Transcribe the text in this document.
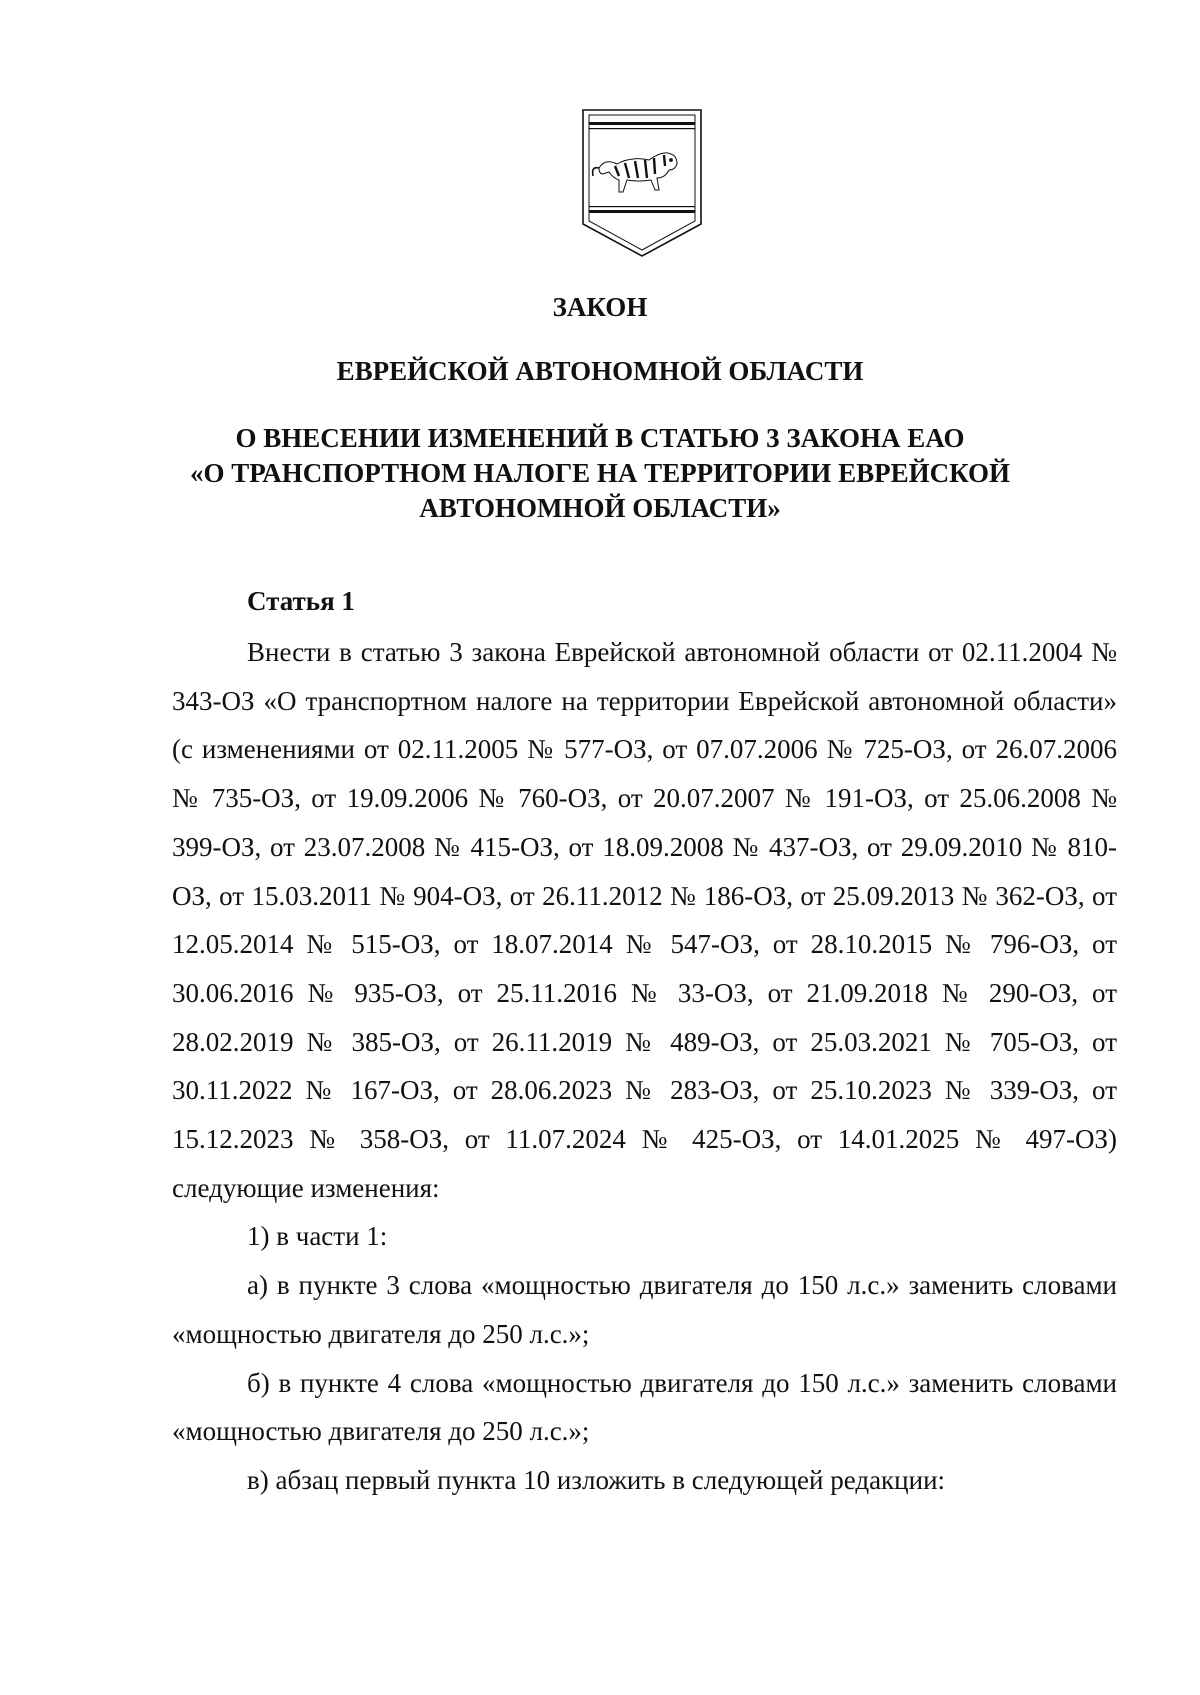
ЗАКОН
ЕВРЕЙСКОЙ АВТОНОМНОЙ ОБЛАСТИ
О ВНЕСЕНИИ ИЗМЕНЕНИЙ В СТАТЬЮ 3 ЗАКОНА ЕАО
«О ТРАНСПОРТНОМ НАЛОГЕ НА ТЕРРИТОРИИ ЕВРЕЙСКОЙ
АВТОНОМНОЙ ОБЛАСТИ»
Статья 1

Внести в статью 3 закона Еврейской автономной области от 02.11.2004 № 343-ОЗ «О транспортном налоге на территории Еврейской автономной области» (с изменениями от 02.11.2005 № 577-ОЗ, от 07.07.2006 № 725-ОЗ, от 26.07.2006 № 735-ОЗ, от 19.09.2006 № 760-ОЗ, от 20.07.2007 № 191-ОЗ, от 25.06.2008 № 399-ОЗ, от 23.07.2008 № 415-ОЗ, от 18.09.2008 № 437-ОЗ, от 29.09.2010 № 810-ОЗ, от 15.03.2011 № 904-ОЗ, от 26.11.2012 № 186-ОЗ, от 25.09.2013 № 362-ОЗ, от 12.05.2014 № 515-ОЗ, от 18.07.2014 № 547-ОЗ, от 28.10.2015 № 796-ОЗ, от 30.06.2016 № 935-ОЗ, от 25.11.2016 № 33-ОЗ, от 21.09.2018 № 290-ОЗ, от 28.02.2019 № 385-ОЗ, от 26.11.2019 № 489-ОЗ, от 25.03.2021 № 705-ОЗ, от 30.11.2022 № 167-ОЗ, от 28.06.2023 № 283-ОЗ, от 25.10.2023 № 339-ОЗ, от 15.12.2023 № 358-ОЗ, от 11.07.2024 № 425-ОЗ, от 14.01.2025 № 497-ОЗ) следующие изменения:

1) в части 1:

а) в пункте 3 слова «мощностью двигателя до 150 л.с.» заменить словами «мощностью двигателя до 250 л.с.»;

б) в пункте 4 слова «мощностью двигателя до 150 л.с.» заменить словами «мощностью двигателя до 250 л.с.»;

в) абзац первый пункта 10 изложить в следующей редакции:
